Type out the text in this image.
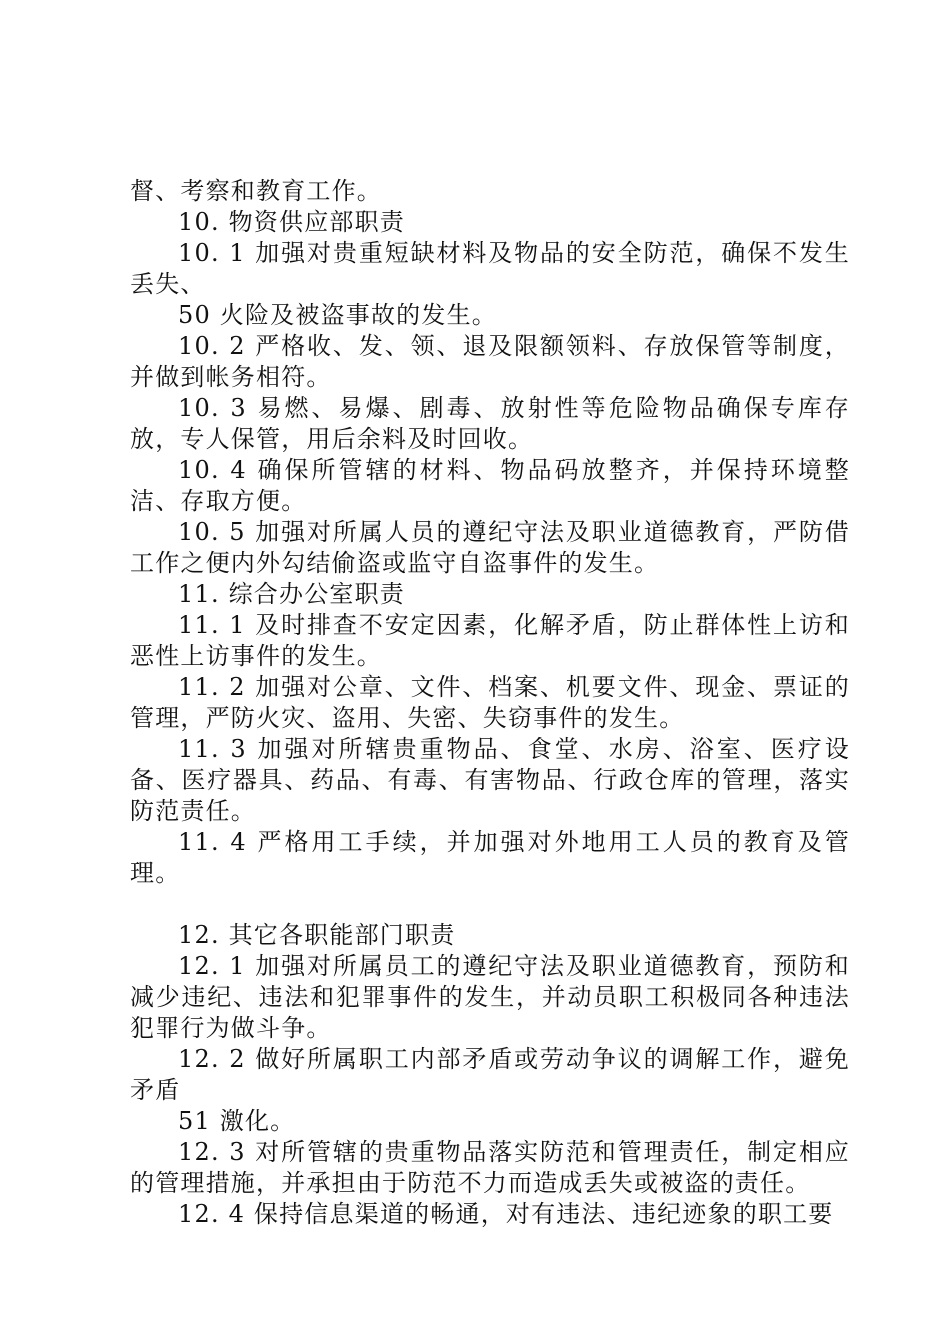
督、考察和教育工作。

10. 物资供应部职责

10. 1 加强对贵重短缺材料及物品的安全防范，确保不发生丢失、

50 火险及被盗事故的发生。

10. 2 严格收、发、领、退及限额领料、存放保管等制度，并做到帐务相符。

10. 3 易燃、易爆、剧毒、放射性等危险物品确保专库存放，专人保管，用后余料及时回收。

10. 4 确保所管辖的材料、物品码放整齐，并保持环境整洁、存取方便。

10. 5 加强对所属人员的遵纪守法及职业道德教育，严防借工作之便内外勾结偷盗或监守自盗事件的发生。

11. 综合办公室职责

11. 1 及时排查不安定因素，化解矛盾，防止群体性上访和恶性上访事件的发生。

11. 2 加强对公章、文件、档案、机要文件、现金、票证的管理，严防火灾、盗用、失密、失窃事件的发生。

11. 3 加强对所辖贵重物品、食堂、水房、浴室、医疗设备、医疗器具、药品、有毒、有害物品、行政仓库的管理，落实防范责任。

11. 4 严格用工手续，并加强对外地用工人员的教育及管理。

12. 其它各职能部门职责

12. 1 加强对所属员工的遵纪守法及职业道德教育，预防和减少违纪、违法和犯罪事件的发生，并动员职工积极同各种违法犯罪行为做斗争。

12. 2 做好所属职工内部矛盾或劳动争议的调解工作，避免矛盾

51 激化。

12. 3 对所管辖的贵重物品落实防范和管理责任，制定相应的管理措施，并承担由于防范不力而造成丢失或被盗的责任。

12. 4 保持信息渠道的畅通，对有违法、违纪迹象的职工要
